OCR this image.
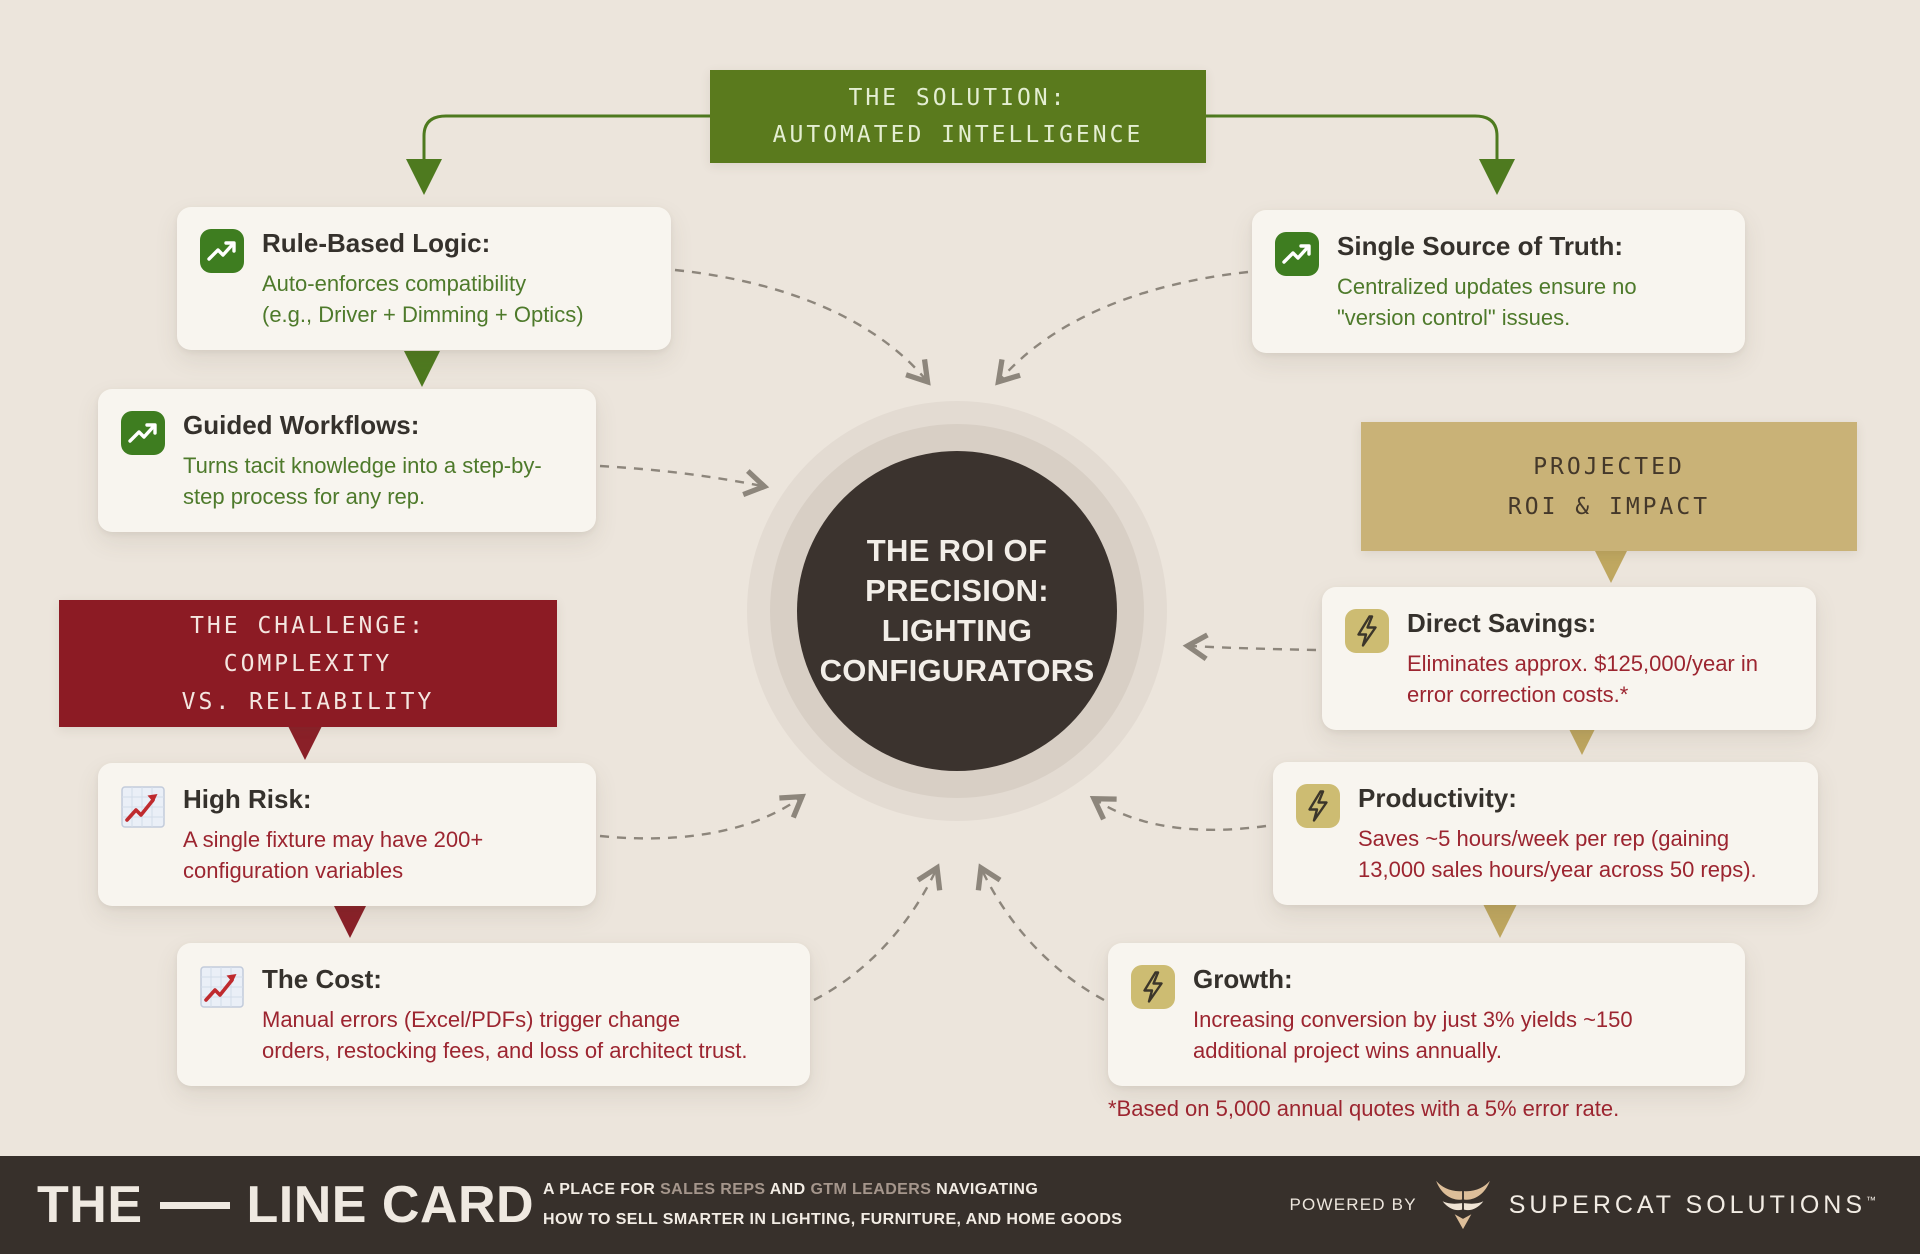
THE ROI OF
PRECISION:
LIGHTING
CONFIGURATORS
THE SOLUTION:
AUTOMATED INTELLIGENCE
THE CHALLENGE:
COMPLEXITY
VS. RELIABILITY
PROJECTED
ROI & IMPACT
Rule-Based Logic:
Auto-enforces compatibility
(e.g., Driver + Dimming + Optics)
Guided Workflows:
Turns tacit knowledge into a step-by-
step process for any rep.
Single Source of Truth:
Centralized updates ensure no
"version control" issues.
High Risk:
A single fixture may have 200+
configuration variables
The Cost:
Manual errors (Excel/PDFs) trigger change
orders, restocking fees, and loss of architect trust.
Direct Savings:
Eliminates approx. $125,000/year in
error correction costs.*
Productivity:
Saves ~5 hours/week per rep (gaining
13,000 sales hours/year across 50 reps).
Growth:
Increasing conversion by just 3% yields ~150
additional project wins annually.
*Based on 5,000 annual quotes with a 5% error rate.
THE LINE CARD A PLACE FOR SALES REPS AND GTM LEADERS NAVIGATING
HOW TO SELL SMARTER IN LIGHTING, FURNITURE, AND HOME GOODS
POWERED BY	SUPERCAT SOLUTIONS™
